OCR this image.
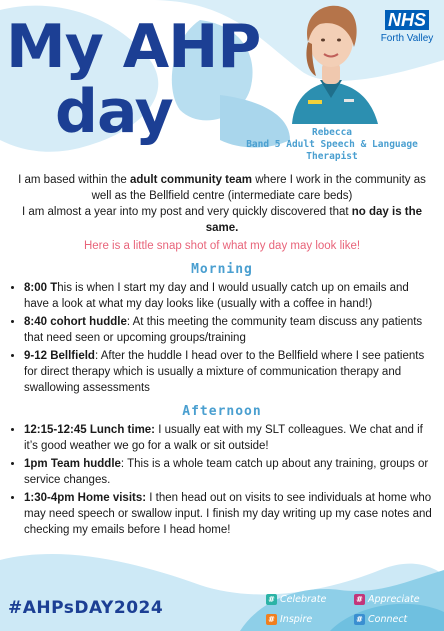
My AHP
day
NHS
Forth Valley
Rebecca
Band 5 Adult Speech & Language Therapist

I am based within the adult community team where I work in the community as well as the Bellfield centre (intermediate care beds)

I am almost a year into my post and very quickly discovered that no day is the same.

Here is a little snap shot of what my day may look like!

Morning
• 8:00 This is when I start my day and I would usually catch up on emails and have a look at what my day looks like (usually with a coffee in hand!)
• 8:40 cohort huddle: At this meeting the community team discuss any patients that need seen or upcoming groups/training
• 9-12 Bellfield: After the huddle I head over to the Bellfield where I see patients for direct therapy which is usually a mixture of communication therapy and swallowing assessments
Afternoon
• 12:15-12:45 Lunch time: I usually eat with my SLT colleagues. We chat and if it’s good weather we go for a walk or sit outside!
• 1pm Team huddle: This is a whole team catch up about any training, groups or service changes.
• 1:30-4pm Home visits: I then head out on visits to see individuals at home who may need speech or swallow input. I finish my day writing up my case notes and checking my emails before I head home!
#AHPsDAY2024	# Celebrate	# Appreciate
# Inspire	# Connect
